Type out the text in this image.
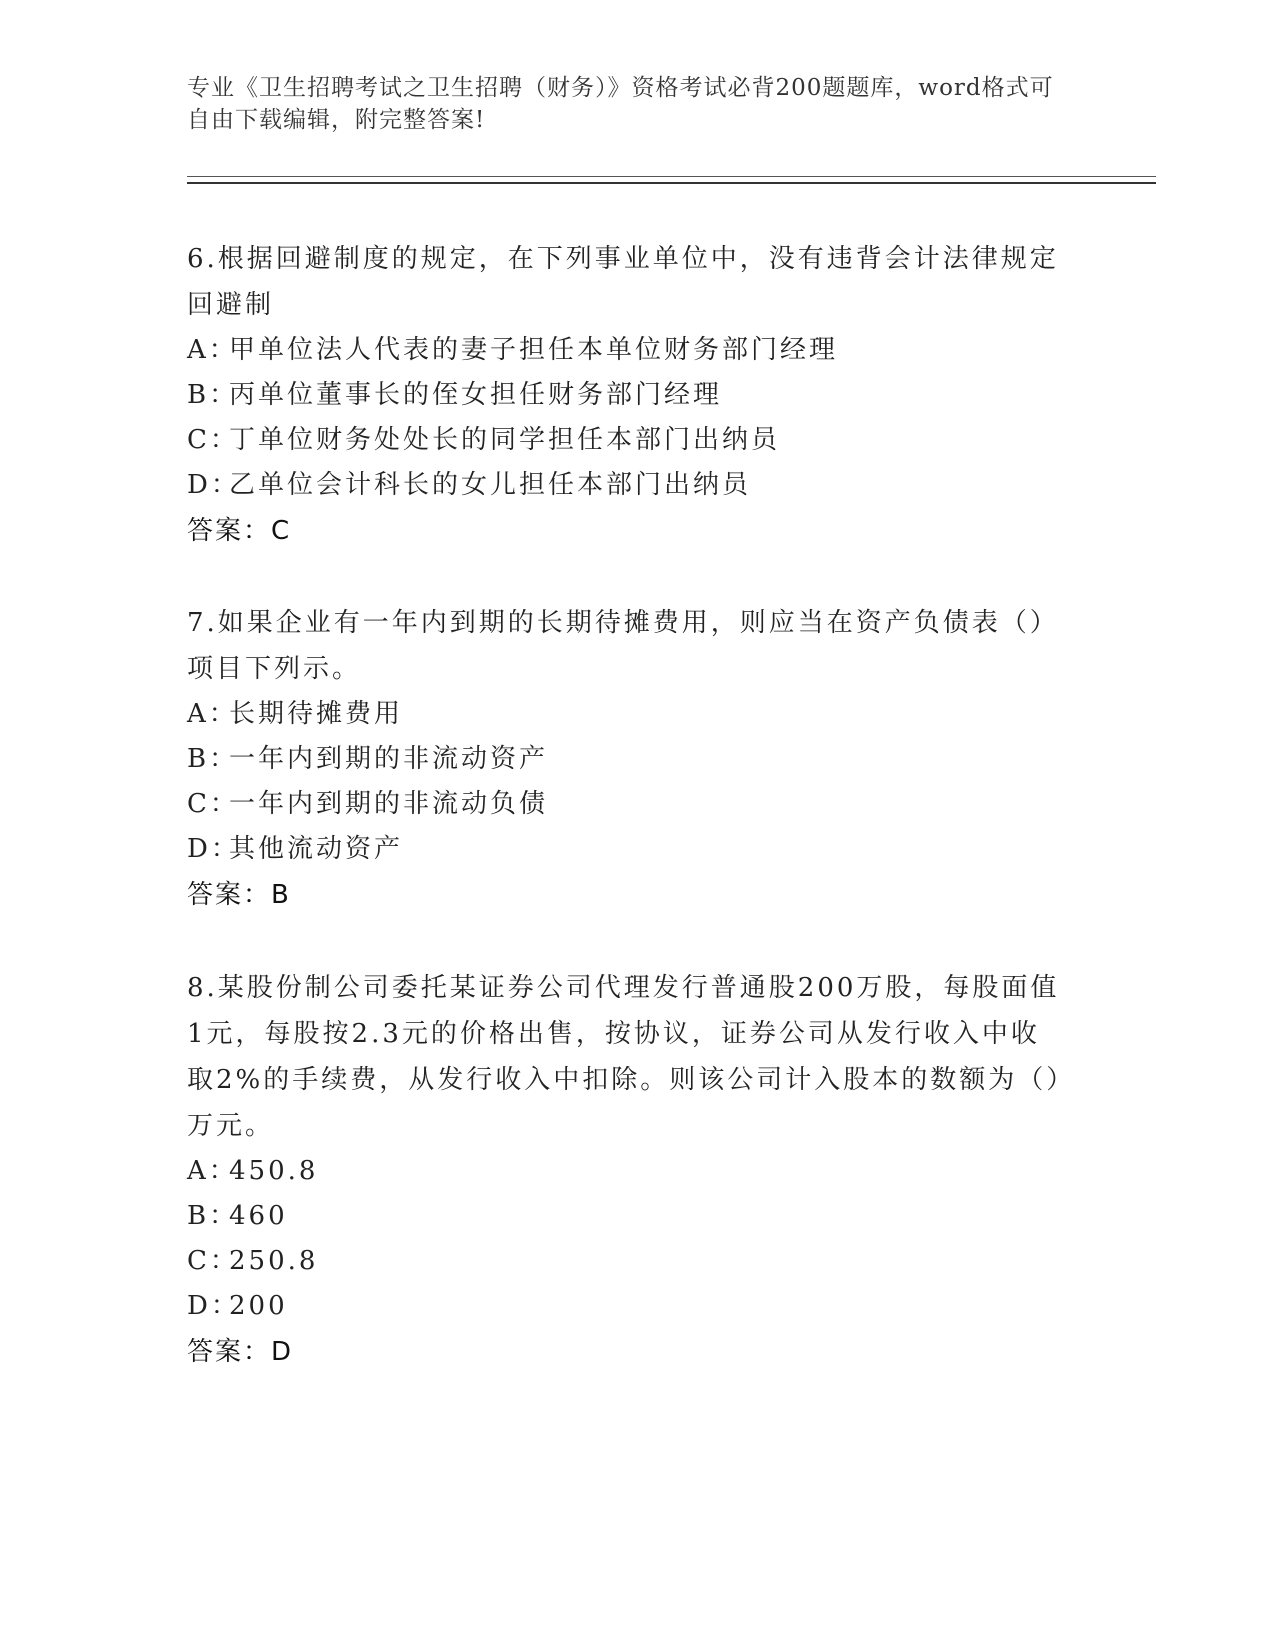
专业《卫生招聘考试之卫生招聘（财务）》资格考试必背200题题库，word格式可自由下载编辑，附完整答案!

6.根据回避制度的规定，在下列事业单位中，没有违背会计法律规定回避制

A：甲单位法人代表的妻子担任本单位财务部门经理

B：丙单位董事长的侄女担任财务部门经理

C：丁单位财务处处长的同学担任本部门出纳员

D：乙单位会计科长的女儿担任本部门出纳员

答案：C

7.如果企业有一年内到期的长期待摊费用，则应当在资产负债表（）项目下列示。

A：长期待摊费用

B：一年内到期的非流动资产

C：一年内到期的非流动负债

D：其他流动资产

答案：B

8.某股份制公司委托某证券公司代理发行普通股200万股，每股面值1元，每股按2.3元的价格出售，按协议，证券公司从发行收入中收取2%的手续费，从发行收入中扣除。则该公司计入股本的数额为（）万元。

A：450.8

B：460

C：250.8

D：200

答案：D
